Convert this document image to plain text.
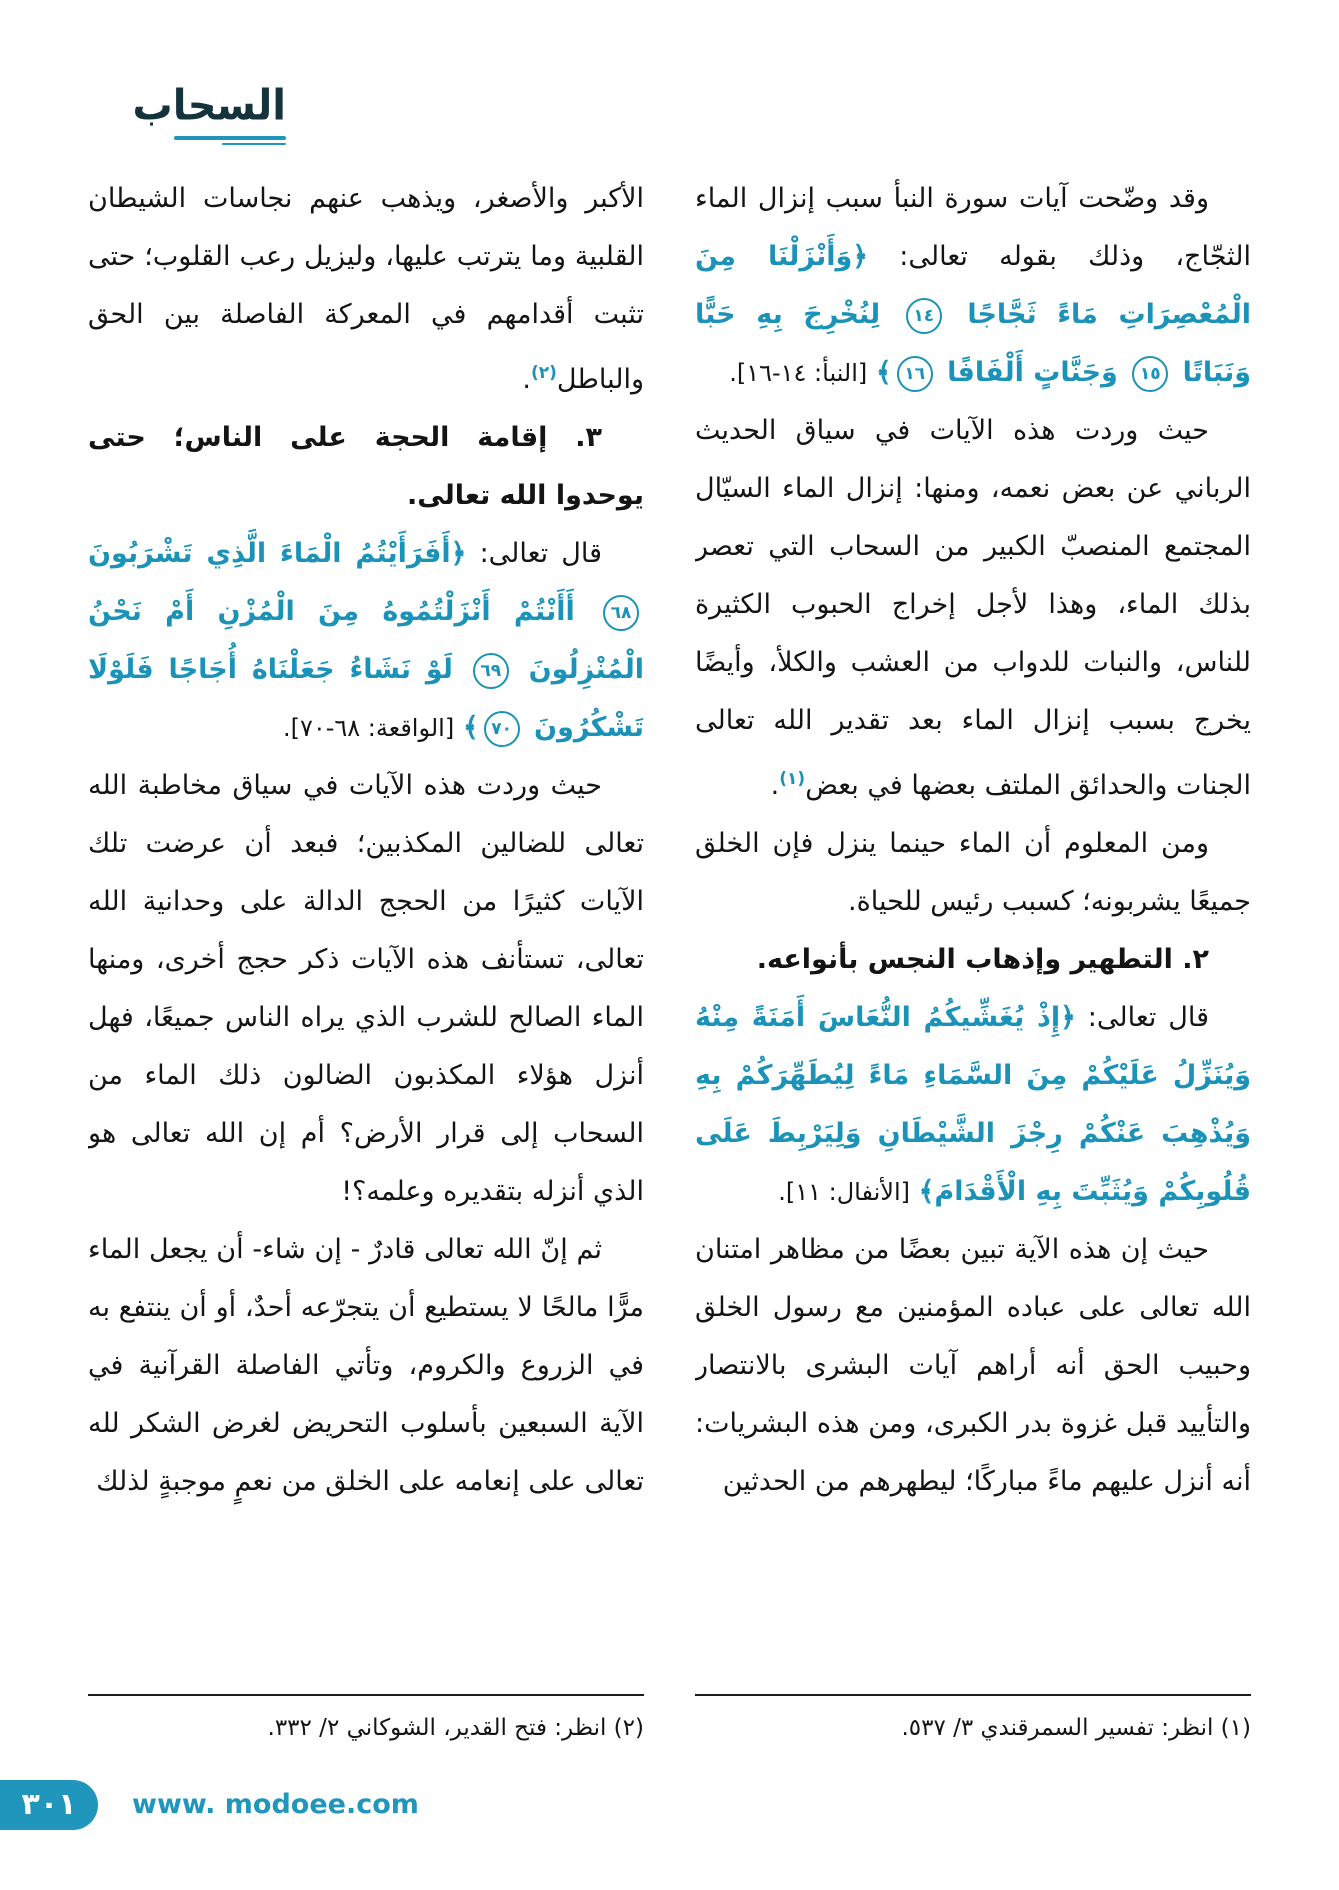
السحاب

وقد وضّحت آيات سورة النبأ سبب إنزال الماء الثجّاج، وذلك بقوله تعالى: ﴿وَأَنْزَلْنَا مِنَ الْمُعْصِرَاتِ مَاءً ثَجَّاجًا ١٤ لِنُخْرِجَ بِهِ حَبًّا وَنَبَاتًا ١٥ وَجَنَّاتٍ أَلْفَافًا ١٦﴾ [النبأ: ١٤-١٦].

حيث وردت هذه الآيات في سياق الحديث الرباني عن بعض نعمه، ومنها: إنزال الماء السيّال المجتمع المنصبّ الكبير من السحاب التي تعصر بذلك الماء، وهذا لأجل إخراج الحبوب الكثيرة للناس، والنبات للدواب من العشب والكلأ، وأيضًا يخرج بسبب إنزال الماء بعد تقدير الله تعالى الجنات والحدائق الملتف بعضها في بعض$^{(١)}$.

ومن المعلوم أن الماء حينما ينزل فإن الخلق جميعًا يشربونه؛ كسبب رئيس للحياة.

٢. التطهير وإذهاب النجس بأنواعه.

قال تعالى: ﴿إِذْ يُغَشِّيكُمُ النُّعَاسَ أَمَنَةً مِنْهُ وَيُنَزِّلُ عَلَيْكُمْ مِنَ السَّمَاءِ مَاءً لِيُطَهِّرَكُمْ بِهِ وَيُذْهِبَ عَنْكُمْ رِجْزَ الشَّيْطَانِ وَلِيَرْبِطَ عَلَى قُلُوبِكُمْ وَيُثَبِّتَ بِهِ الْأَقْدَامَ﴾ [الأنفال: ١١].

حيث إن هذه الآية تبين بعضًا من مظاهر امتنان الله تعالى على عباده المؤمنين مع رسول الخلق وحبيب الحق أنه أراهم آيات البشرى بالانتصار والتأييد قبل غزوة بدر الكبرى، ومن هذه البشريات: أنه أنزل عليهم ماءً مباركًا؛ ليطهرهم من الحدثين

الأكبر والأصغر، ويذهب عنهم نجاسات الشيطان القلبية وما يترتب عليها، وليزيل رعب القلوب؛ حتى تثبت أقدامهم في المعركة الفاصلة بين الحق والباطل$^{(٢)}$.

٣. إقامة الحجة على الناس؛ حتى يوحدوا الله تعالى.

قال تعالى: ﴿أَفَرَأَيْتُمُ الْمَاءَ الَّذِي تَشْرَبُونَ ٦٨ أَأَنْتُمْ أَنْزَلْتُمُوهُ مِنَ الْمُزْنِ أَمْ نَحْنُ الْمُنْزِلُونَ ٦٩ لَوْ نَشَاءُ جَعَلْنَاهُ أُجَاجًا فَلَوْلَا تَشْكُرُونَ ٧٠﴾ [الواقعة: ٦٨-٧٠].

حيث وردت هذه الآيات في سياق مخاطبة الله تعالى للضالين المكذبين؛ فبعد أن عرضت تلك الآيات كثيرًا من الحجج الدالة على وحدانية الله تعالى، تستأنف هذه الآيات ذكر حجج أخرى، ومنها الماء الصالح للشرب الذي يراه الناس جميعًا، فهل أنزل هؤلاء المكذبون الضالون ذلك الماء من السحاب إلى قرار الأرض؟ أم إن الله تعالى هو الذي أنزله بتقديره وعلمه؟!

ثم إنّ الله تعالى قادرٌ - إن شاء- أن يجعل الماء مرًّا مالحًا لا يستطيع أن يتجرّعه أحدٌ، أو أن ينتفع به في الزروع والكروم، وتأتي الفاصلة القرآنية في الآية السبعين بأسلوب التحريض لغرض الشكر لله تعالى على إنعامه على الخلق من نعمٍ موجبةٍ لذلك

(١) انظر: تفسير السمرقندي ٣/ ٥٣٧.
(٢) انظر: فتح القدير، الشوكاني ٢/ ٣٣٢.
٣٠١	www. modoee.com
